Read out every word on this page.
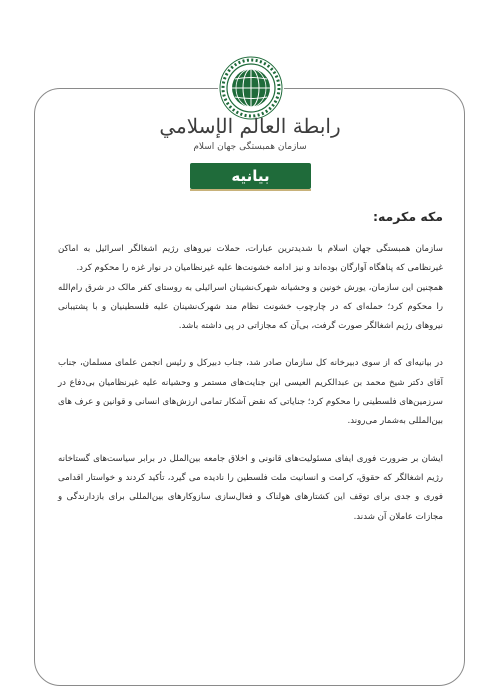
رابطة العالم الإسلامي
سازمان همبستگی جهان اسلام
بیانیه

مکه مکرمه:

سازمان همبستگی جهان اسلام با شدیدترین عبارات، حملات نیروهای رژیم اشغالگر اسرائیل به اماکن غیرنظامی که پناهگاه آوارگان بوده‌اند و نیز ادامه خشونت‌ها علیه غیرنظامیان در نوار غزه را محکوم کرد.

همچنین این سازمان، یورش خونین و وحشیانه شهرک‌نشینان اسرائیلی به روستای کفر مالک در شرق رام‌الله را محکوم کرد؛ حمله‌ای که در چارچوب خشونت نظام مند شهرک‌نشینان علیه فلسطینیان و با پشتیبانی نیروهای رژیم اشغالگر صورت گرفت، بی‌آن که مجازاتی در پی داشته باشد.

در بیانیه‌ای که از سوی دبیرخانه کل سازمان صادر شد، جناب دبیرکل و رئیس انجمن علمای مسلمان، جناب آقای دکتر شیخ محمد بن عبدالکریم العیسی این جنایت‌های مستمر و وحشیانه علیه غیرنظامیان بی‌دفاع در سرزمین‌های فلسطینی را محکوم کرد؛ جنایاتی که نقض آشکار تمامی ارزش‌های انسانی و قوانین و عرف های بین‌المللی به‌شمار می‌روند.

ایشان بر ضرورت فوری ایفای مسئولیت‌های قانونی و اخلاق جامعه بین‌الملل در برابر سیاست‌های گستاخانه رژیم اشغالگر که حقوق، کرامت و انسانیت ملت فلسطین را نادیده می گیرد، تأکید کردند و خواستار اقدامی فوری و جدی برای توقف این کشتارهای هولناک و فعال‌سازی سازوکارهای بین‌المللی برای بازدارندگی و مجازات عاملان آن شدند.
